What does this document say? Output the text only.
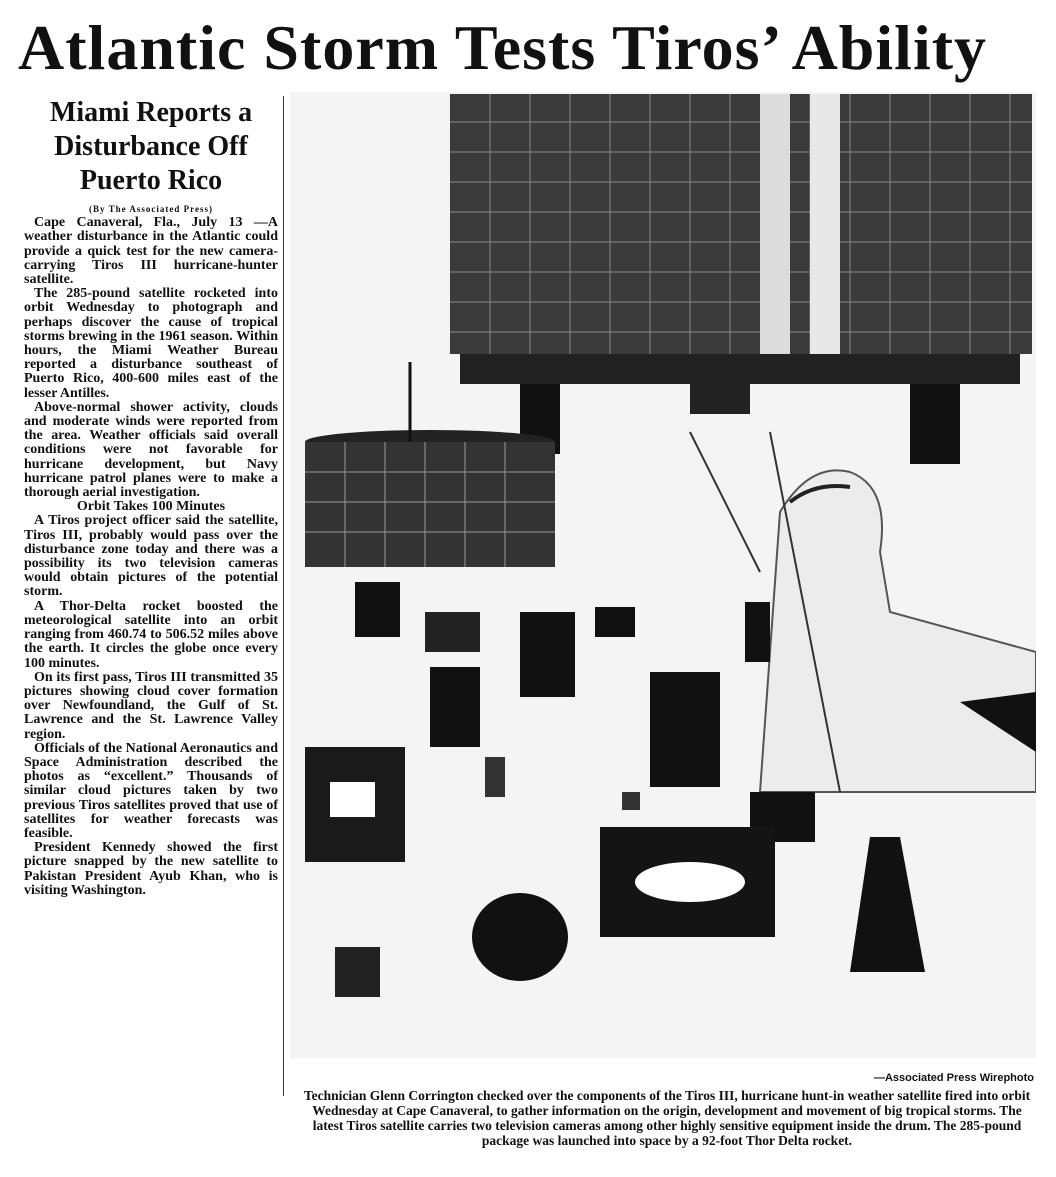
Atlantic Storm Tests Tiros’ Ability

Miami Reports a Disturbance Off Puerto Rico

(By The Associated Press)

Cape Canaveral, Fla., July 13 —A weather disturbance in the Atlantic could provide a quick test for the new camera-carrying Tiros III hurricane-hunter satellite.

The 285-pound satellite rocketed into orbit Wednesday to photograph and perhaps discover the cause of tropical storms brewing in the 1961 season. Within hours, the Miami Weather Bureau reported a disturbance southeast of Puerto Rico, 400-600 miles east of the lesser Antilles.

Above-normal shower activity, clouds and moderate winds were reported from the area. Weather officials said overall conditions were not favorable for hurricane development, but Navy hurricane patrol planes were to make a thorough aerial investigation.

Orbit Takes 100 Minutes

A Tiros project officer said the satellite, Tiros III, probably would pass over the disturbance zone today and there was a possibility its two television cameras would obtain pictures of the potential storm.

A Thor-Delta rocket boosted the meteorological satellite into an orbit ranging from 460.74 to 506.52 miles above the earth. It circles the globe once every 100 minutes.

On its first pass, Tiros III transmitted 35 pictures showing cloud cover formation over Newfoundland, the Gulf of St. Lawrence and the St. Lawrence Valley region.

Officials of the National Aeronautics and Space Administration described the photos as “excellent.” Thousands of similar cloud pictures taken by two previous Tiros satellites proved that use of satellites for weather forecasts was feasible.

President Kennedy showed the first picture snapped by the new satellite to Pakistan President Ayub Khan, who is visiting Washington.

—Associated Press Wirephoto

Technician Glenn Corrington checked over the components of the Tiros III, hurricane hunt-in weather satellite fired into orbit Wednesday at Cape Canaveral, to gather information on the origin, development and movement of big tropical storms. The latest Tiros satellite carries two television cameras among other highly sensitive equipment inside the drum. The 285-pound package was launched into space by a 92-foot Thor Delta rocket.
